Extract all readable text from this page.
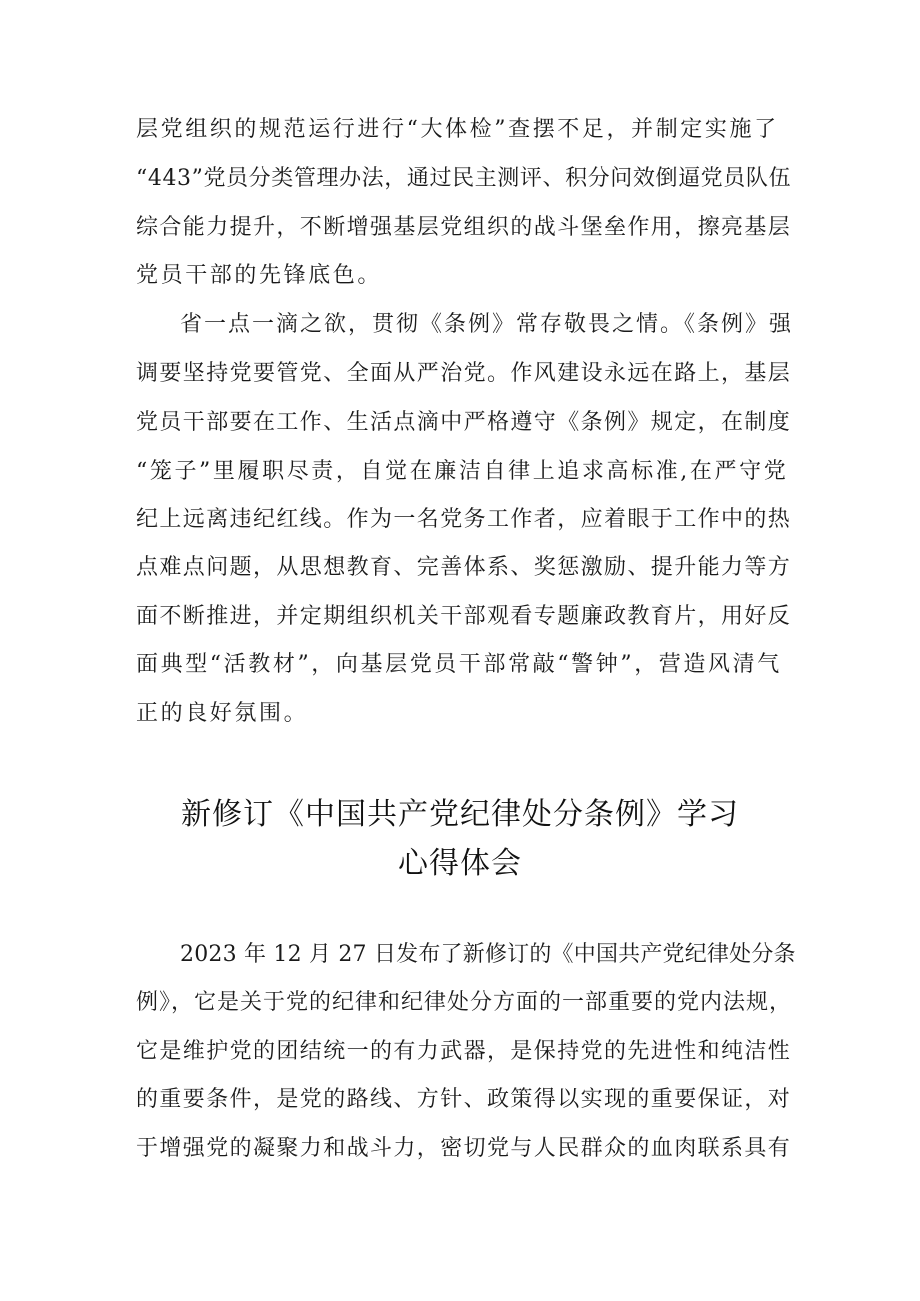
层党组织的规范运行进行“大体检”查摆不足，并制定实施了
“443”党员分类管理办法，通过民主测评、积分问效倒逼党员队伍
综合能力提升，不断增强基层党组织的战斗堡垒作用，擦亮基层
党员干部的先锋底色。
省一点一滴之欲，贯彻《条例》常存敬畏之情。《条例》强
调要坚持党要管党、全面从严治党。作风建设永远在路上，基层
党员干部要在工作、生活点滴中严格遵守《条例》规定，在制度
“笼子”里履职尽责，自觉在廉洁自律上追求高标准,在严守党
纪上远离违纪红线。作为一名党务工作者，应着眼于工作中的热
点难点问题，从思想教育、完善体系、奖惩激励、提升能力等方
面不断推进，并定期组织机关干部观看专题廉政教育片，用好反
面典型“活教材”，向基层党员干部常敲“警钟”，营造风清气
正的良好氛围。
新修订《中国共产党纪律处分条例》学习
心得体会
2023 年 12 月 27 日发布了新修订的《中国共产党纪律处分条
例》，它是关于党的纪律和纪律处分方面的一部重要的党内法规，
它是维护党的团结统一的有力武器，是保持党的先进性和纯洁性
的重要条件，是党的路线、方针、政策得以实现的重要保证，对
于增强党的凝聚力和战斗力，密切党与人民群众的血肉联系具有
